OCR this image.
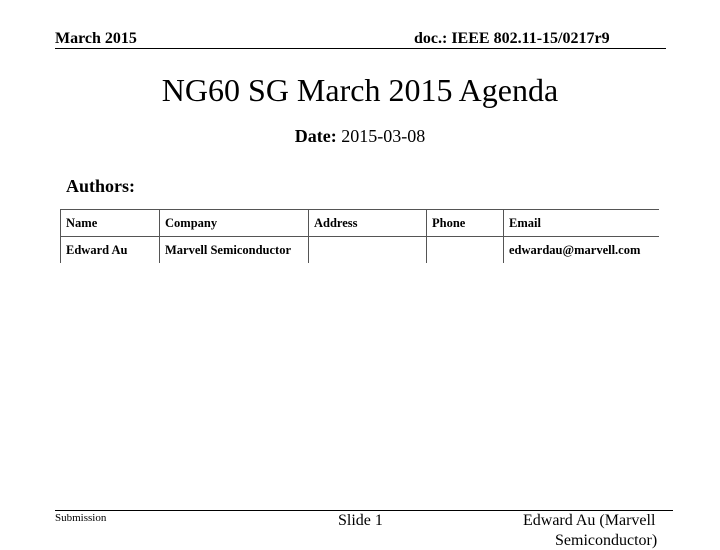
March 2015	doc.: IEEE 802.11-15/0217r9
NG60 SG March 2015 Agenda
Date: 2015-03-08
Authors:
Name	Company	Address	Phone	Email
Edward Au	Marvell Semiconductor			edwardau@marvell.com
Submission	Slide 1	Edward Au (Marvell
Semiconductor)
